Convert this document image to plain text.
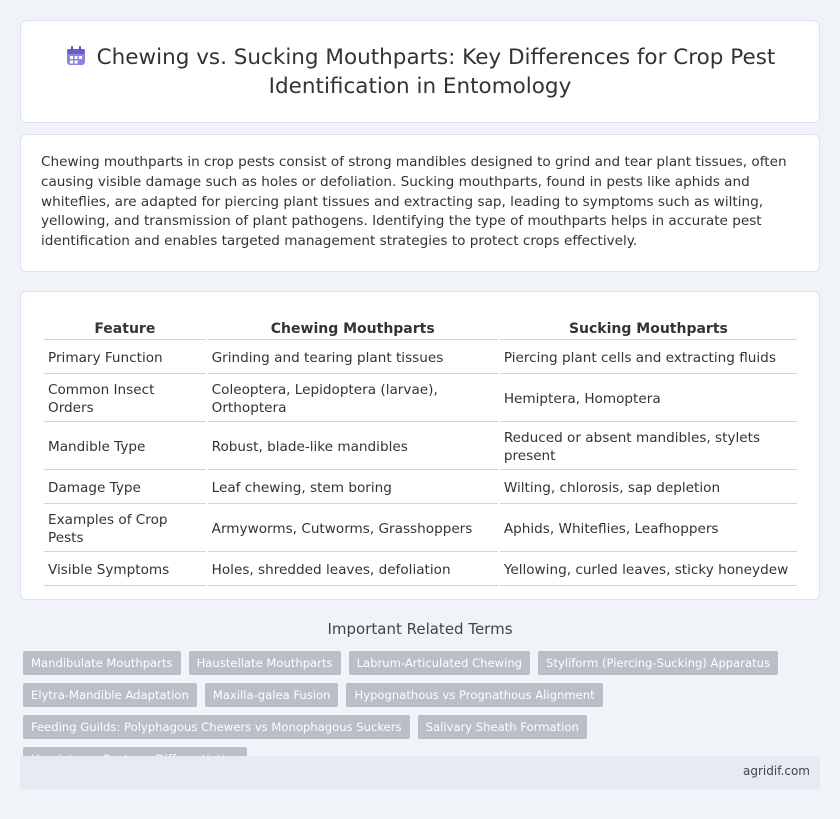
Chewing vs. Sucking Mouthparts: Key Differences for Crop Pest Identification in Entomology

Chewing mouthparts in crop pests consist of strong mandibles designed to grind and tear plant tissues, often causing visible damage such as holes or defoliation. Sucking mouthparts, found in pests like aphids and whiteflies, are adapted for piercing plant tissues and extracting sap, leading to symptoms such as wilting, yellowing, and transmission of plant pathogens. Identifying the type of mouthparts helps in accurate pest identification and enables targeted management strategies to protect crops effectively.

Feature	Chewing Mouthparts	Sucking Mouthparts
Primary Function	Grinding and tearing plant tissues	Piercing plant cells and extracting fluids
Common Insect Orders	Coleoptera, Lepidoptera (larvae), Orthoptera	Hemiptera, Homoptera
Mandible Type	Robust, blade-like mandibles	Reduced or absent mandibles, stylets present
Damage Type	Leaf chewing, stem boring	Wilting, chlorosis, sap depletion
Examples of Crop Pests	Armyworms, Cutworms, Grasshoppers	Aphids, Whiteflies, Leafhoppers
Visible Symptoms	Holes, shredded leaves, defoliation	Yellowing, curled leaves, sticky honeydew
Important Related Terms
Mandibulate Mouthparts	Haustellate Mouthparts	Labrum-Articulated Chewing	Styliform (Piercing-Sucking) Apparatus
Elytra-Mandible Adaptation	Maxilla-galea Fusion	Hypognathous vs Prognathous Alignment
Feeding Guilds: Polyphagous Chewers vs Monophagous Suckers	Salivary Sheath Formation
agridif.com
